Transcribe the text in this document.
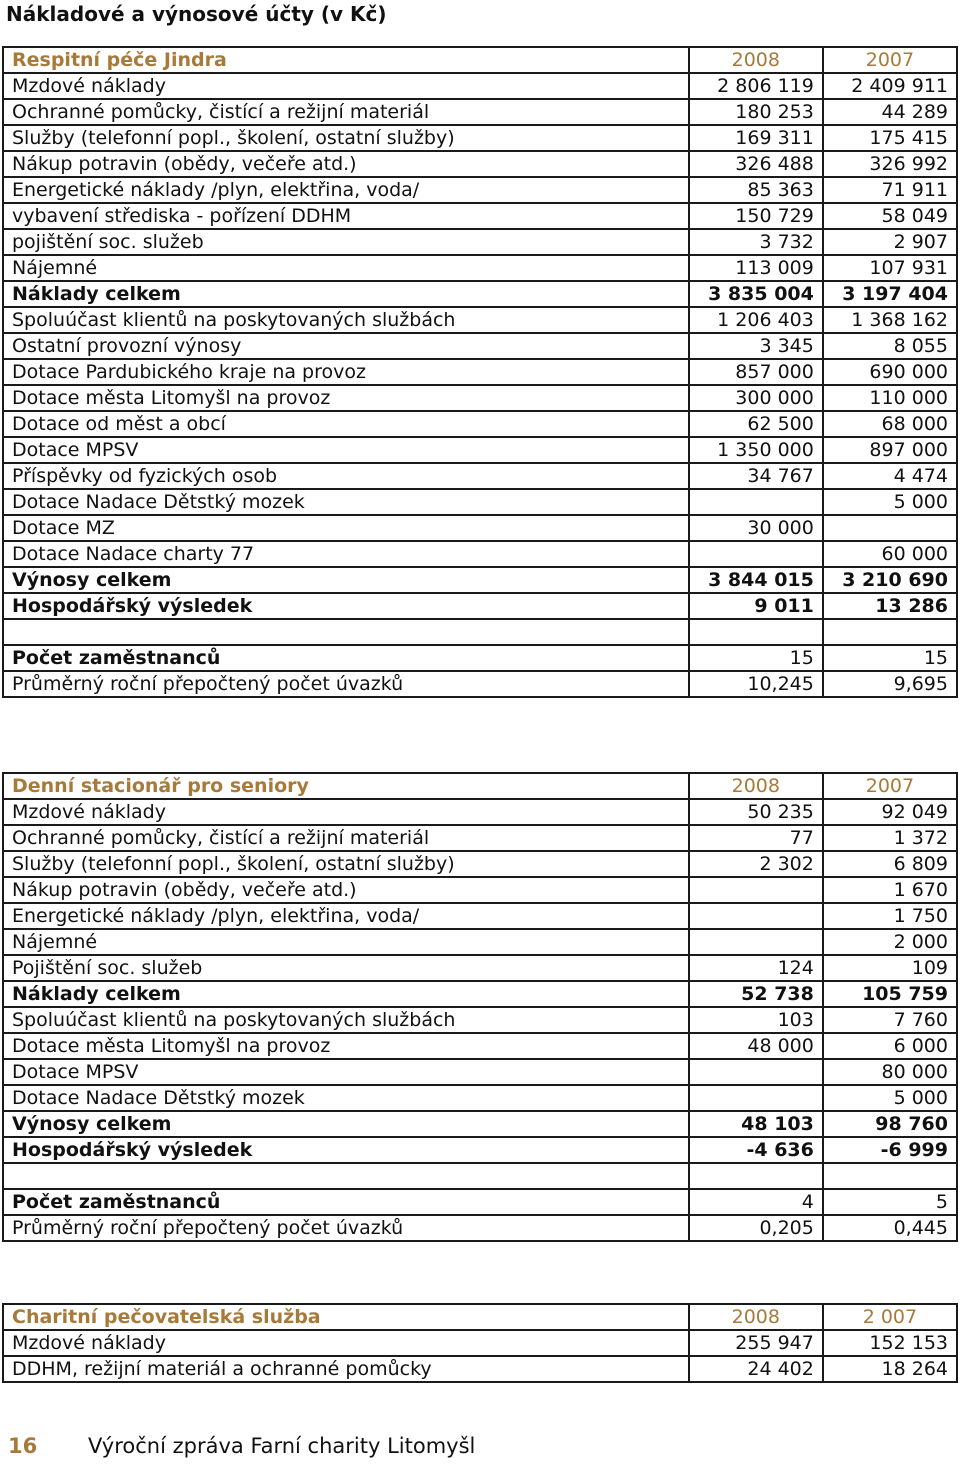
Nákladové a výnosové účty (v Kč)
Respitní péče Jindra	2008	2007
Mzdové náklady	2 806 119	2 409 911
Ochranné pomůcky, čistící a režijní materiál	180 253	44 289
Služby (telefonní popl., školení, ostatní služby)	169 311	175 415
Nákup potravin (obědy, večeře atd.)	326 488	326 992
Energetické náklady /plyn, elektřina, voda/	85 363	71 911
vybavení střediska - pořízení DDHM	150 729	58 049
pojištění soc. služeb	3 732	2 907
Nájemné	113 009	107 931
Náklady celkem	3 835 004	3 197 404
Spoluúčast klientů na poskytovaných službách	1 206 403	1 368 162
Ostatní provozní výnosy	3 345	8 055
Dotace Pardubického kraje na provoz	857 000	690 000
Dotace města Litomyšl na provoz	300 000	110 000
Dotace od měst a obcí	62 500	68 000
Dotace MPSV	1 350 000	897 000
Příspěvky od fyzických osob	34 767	4 474
Dotace Nadace Dětstký mozek		5 000
Dotace MZ	30 000	
Dotace Nadace charty 77		60 000
Výnosy celkem	3 844 015	3 210 690
Hospodářský výsledek	9 011	13 286

Počet zaměstnanců	15	15
Průměrný roční přepočtený počet úvazků	10,245	9,695
Denní stacionář pro seniory	2008	2007
Mzdové náklady	50 235	92 049
Ochranné pomůcky, čistící a režijní materiál	77	1 372
Služby (telefonní popl., školení, ostatní služby)	2 302	6 809
Nákup potravin (obědy, večeře atd.)		1 670
Energetické náklady /plyn, elektřina, voda/		1 750
Nájemné		2 000
Pojištění soc. služeb	124	109
Náklady celkem	52 738	105 759
Spoluúčast klientů na poskytovaných službách	103	7 760
Dotace města Litomyšl na provoz	48 000	6 000
Dotace MPSV		80 000
Dotace Nadace Dětstký mozek		5 000
Výnosy celkem	48 103	98 760
Hospodářský výsledek	-4 636	-6 999

Počet zaměstnanců	4	5
Průměrný roční přepočtený počet úvazků	0,205	0,445
Charitní pečovatelská služba	2008	2 007
Mzdové náklady	255 947	152 153
DDHM, režijní materiál a ochranné pomůcky	24 402	18 264
16 Výroční zpráva Farní charity Litomyšl
